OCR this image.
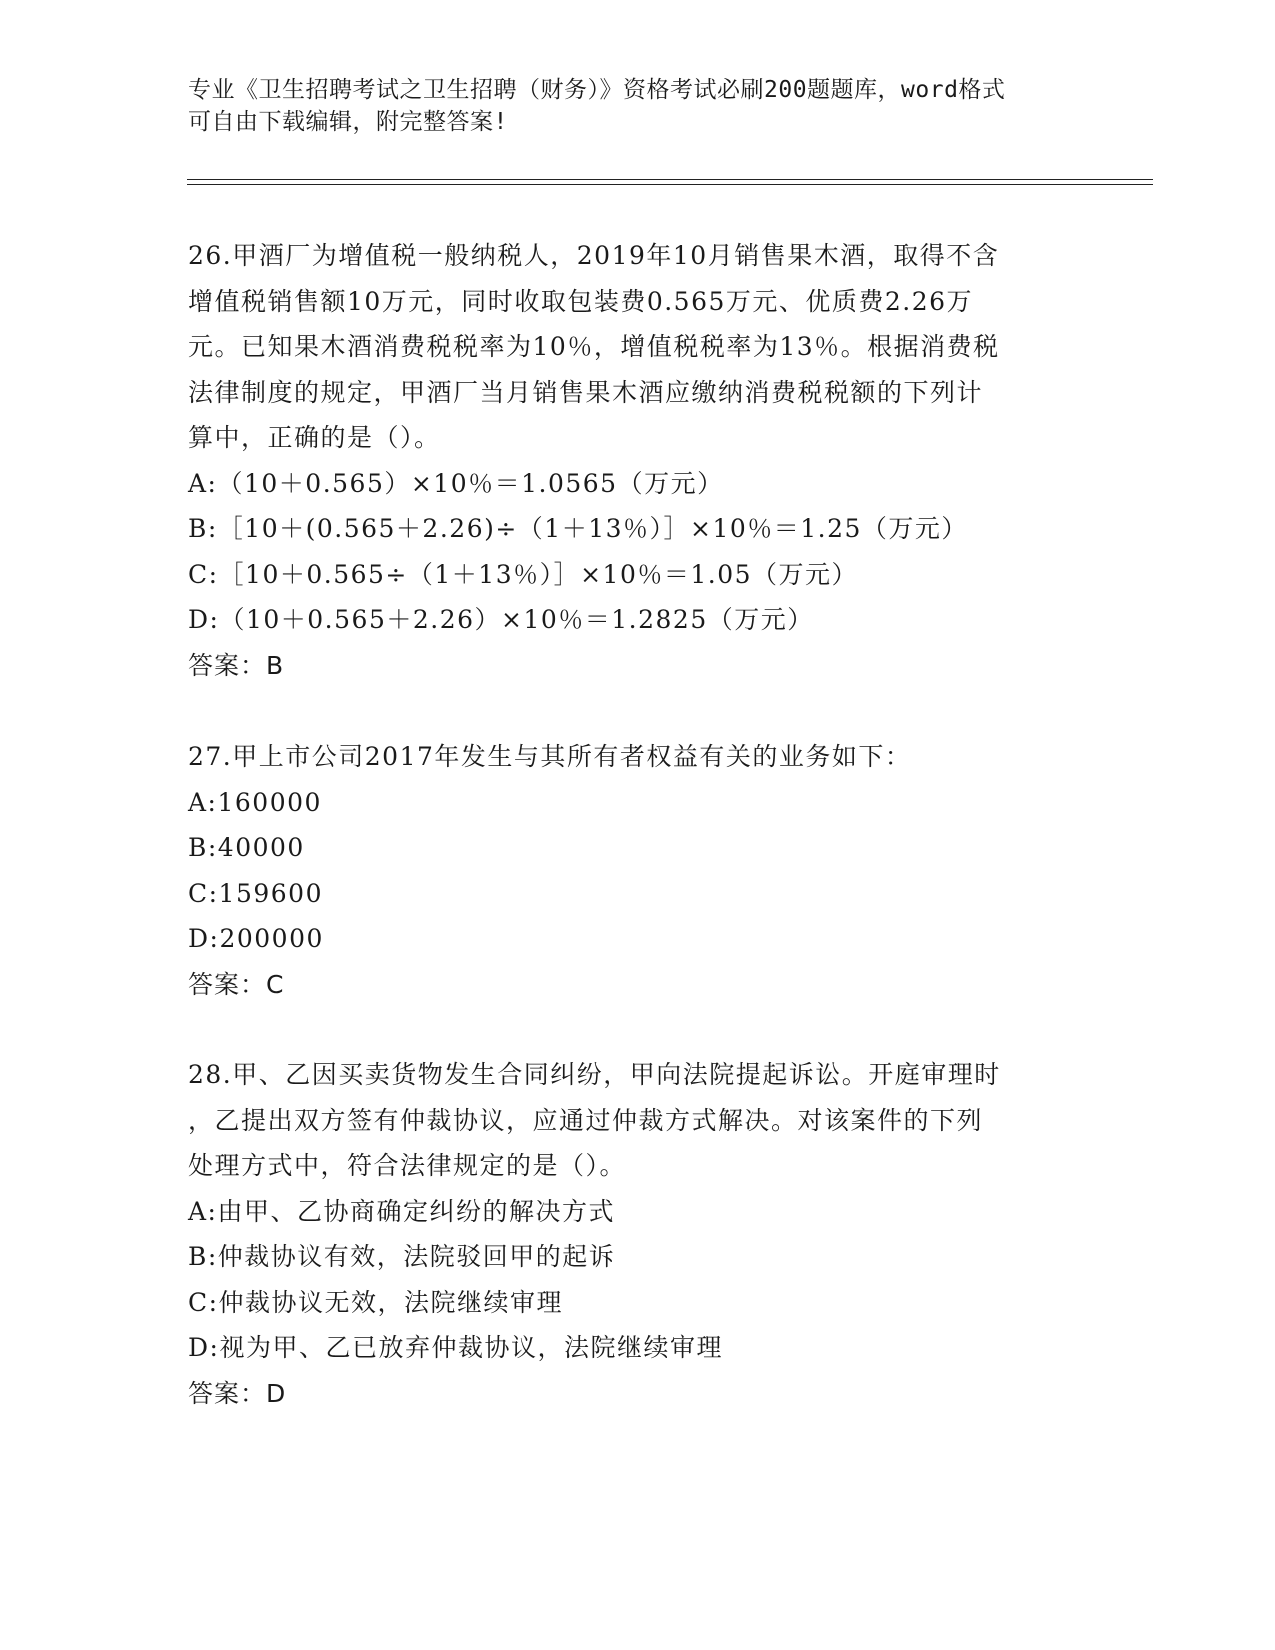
专业《卫生招聘考试之卫生招聘（财务）》资格考试必刷200题题库，word格式
可自由下载编辑，附完整答案!
26.甲酒厂为增值税一般纳税人，2019年10月销售果木酒，取得不含
增值税销售额10万元，同时收取包装费0.565万元、优质费2.26万
元。已知果木酒消费税税率为10％，增值税税率为13％。根据消费税
法律制度的规定，甲酒厂当月销售果木酒应缴纳消费税税额的下列计
算中，正确的是（）。
A:（10＋0.565）×10％＝1.0565（万元）
B:［10＋(0.565＋2.26)÷（1＋13％）］×10％＝1.25（万元）
C:［10＋0.565÷（1＋13％）］×10％＝1.05（万元）
D:（10＋0.565＋2.26）×10％＝1.2825（万元）
答案：B
27.甲上市公司2017年发生与其所有者权益有关的业务如下：
A:160000
B:40000
C:159600
D:200000
答案：C
28.甲、乙因买卖货物发生合同纠纷，甲向法院提起诉讼。开庭审理时
，乙提出双方签有仲裁协议，应通过仲裁方式解决。对该案件的下列
处理方式中，符合法律规定的是（）。
A:由甲、乙协商确定纠纷的解决方式
B:仲裁协议有效，法院驳回甲的起诉
C:仲裁协议无效，法院继续审理
D:视为甲、乙已放弃仲裁协议，法院继续审理
答案：D
